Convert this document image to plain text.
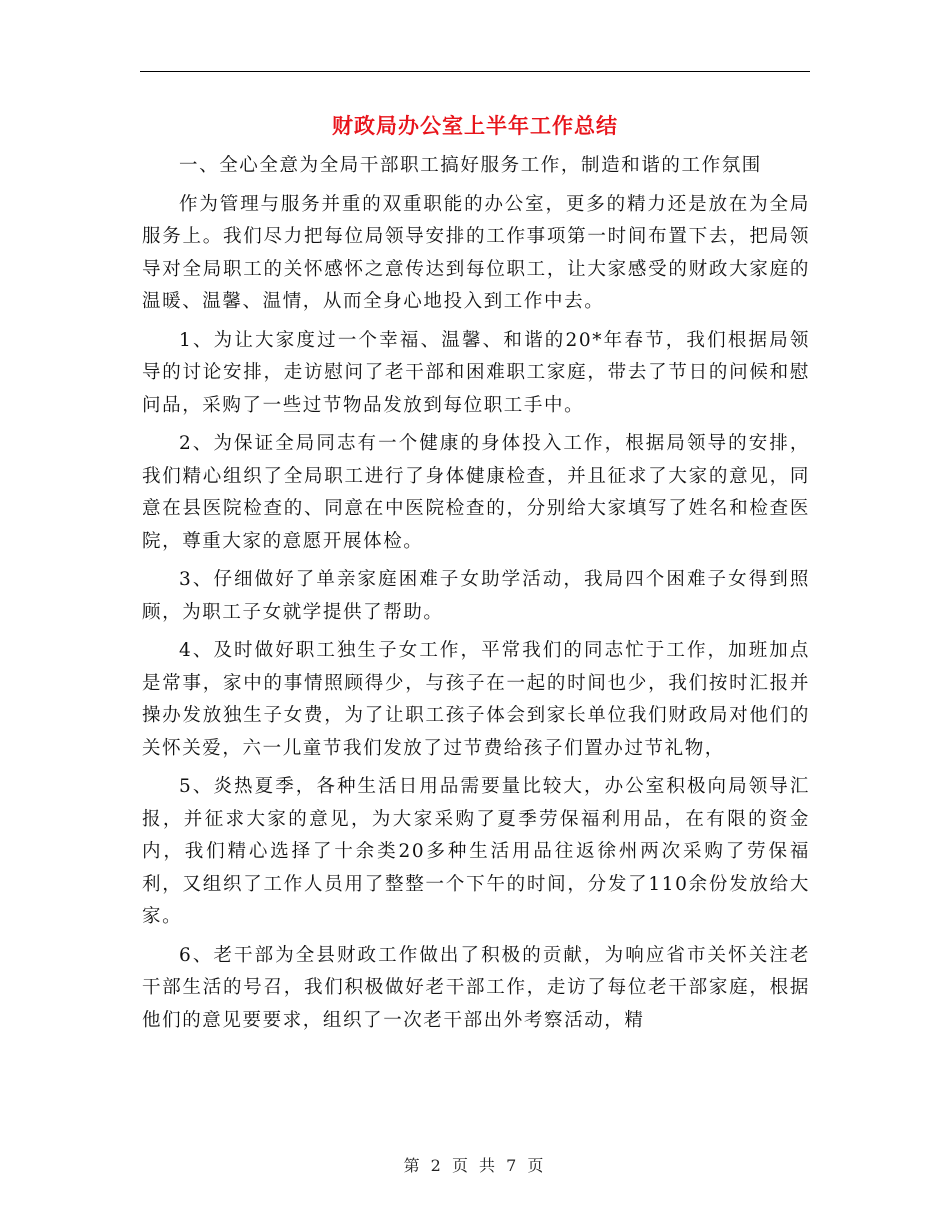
财政局办公室上半年工作总结

一、全心全意为全局干部职工搞好服务工作，制造和谐的工作氛围

作为管理与服务并重的双重职能的办公室，更多的精力还是放在为全局服务上。我们尽力把每位局领导安排的工作事项第一时间布置下去，把局领导对全局职工的关怀感怀之意传达到每位职工，让大家感受的财政大家庭的温暖、温馨、温情，从而全身心地投入到工作中去。

1、为让大家度过一个幸福、温馨、和谐的20*年春节，我们根据局领导的讨论安排，走访慰问了老干部和困难职工家庭，带去了节日的问候和慰问品，采购了一些过节物品发放到每位职工手中。

2、为保证全局同志有一个健康的身体投入工作，根据局领导的安排，我们精心组织了全局职工进行了身体健康检查，并且征求了大家的意见，同意在县医院检查的、同意在中医院检查的，分别给大家填写了姓名和检查医院，尊重大家的意愿开展体检。

3、仔细做好了单亲家庭困难子女助学活动，我局四个困难子女得到照顾，为职工子女就学提供了帮助。

4、及时做好职工独生子女工作，平常我们的同志忙于工作，加班加点是常事，家中的事情照顾得少，与孩子在一起的时间也少，我们按时汇报并操办发放独生子女费，为了让职工孩子体会到家长单位我们财政局对他们的关怀关爱，六一儿童节我们发放了过节费给孩子们置办过节礼物，

5、炎热夏季，各种生活日用品需要量比较大，办公室积极向局领导汇报，并征求大家的意见，为大家采购了夏季劳保福利用品，在有限的资金内，我们精心选择了十余类20多种生活用品往返徐州两次采购了劳保福利，又组织了工作人员用了整整一个下午的时间，分发了110余份发放给大家。

6、老干部为全县财政工作做出了积极的贡献，为响应省市关怀关注老干部生活的号召，我们积极做好老干部工作，走访了每位老干部家庭，根据他们的意见要要求，组织了一次老干部出外考察活动，精

第 2 页 共 7 页
